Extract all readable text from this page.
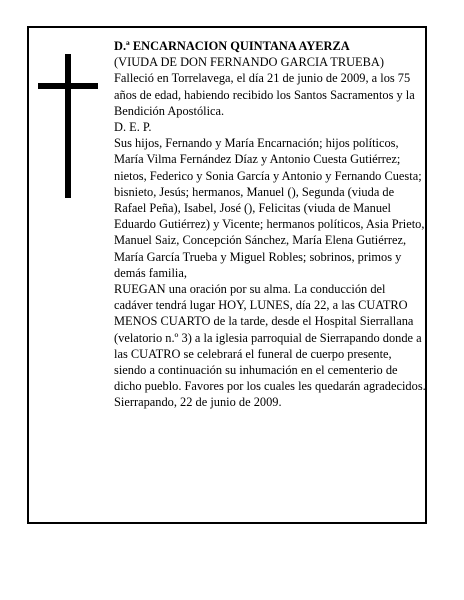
D.ª ENCARNACION QUINTANA AYERZA

(VIUDA DE DON FERNANDO GARCIA TRUEBA)

Falleció en Torrelavega, el día 21 de junio de 2009, a los 75 años de edad, habiendo recibido los Santos Sacramentos y la Bendición Apostólica.

D. E. P.

Sus hijos, Fernando y María Encarnación; hijos políticos, María Vilma Fernández Díaz y Antonio Cuesta Gutiérrez; nietos, Federico y Sonia García y Antonio y Fernando Cuesta; bisnieto, Jesús; hermanos, Manuel (), Segunda (viuda de Rafael Peña), Isabel, José (), Felicitas (viuda de Manuel Eduardo Gutiérrez) y Vicente; hermanos políticos, Asia Prieto, Manuel Saiz, Concepción Sánchez, María Elena Gutiérrez, María García Trueba y Miguel Robles; sobrinos, primos y demás familia,

RUEGAN una oración por su alma. La conducción del cadáver tendrá lugar HOY, LUNES, día 22, a las CUATRO MENOS CUARTO de la tarde, desde el Hospital Sierrallana (velatorio n.º 3) a la iglesia parroquial de Sierrapando donde a las CUATRO se celebrará el funeral de cuerpo presente, siendo a continuación su inhumación en el cementerio de dicho pueblo. Favores por los cuales les quedarán agradecidos.

Sierrapando, 22 de junio de 2009.
